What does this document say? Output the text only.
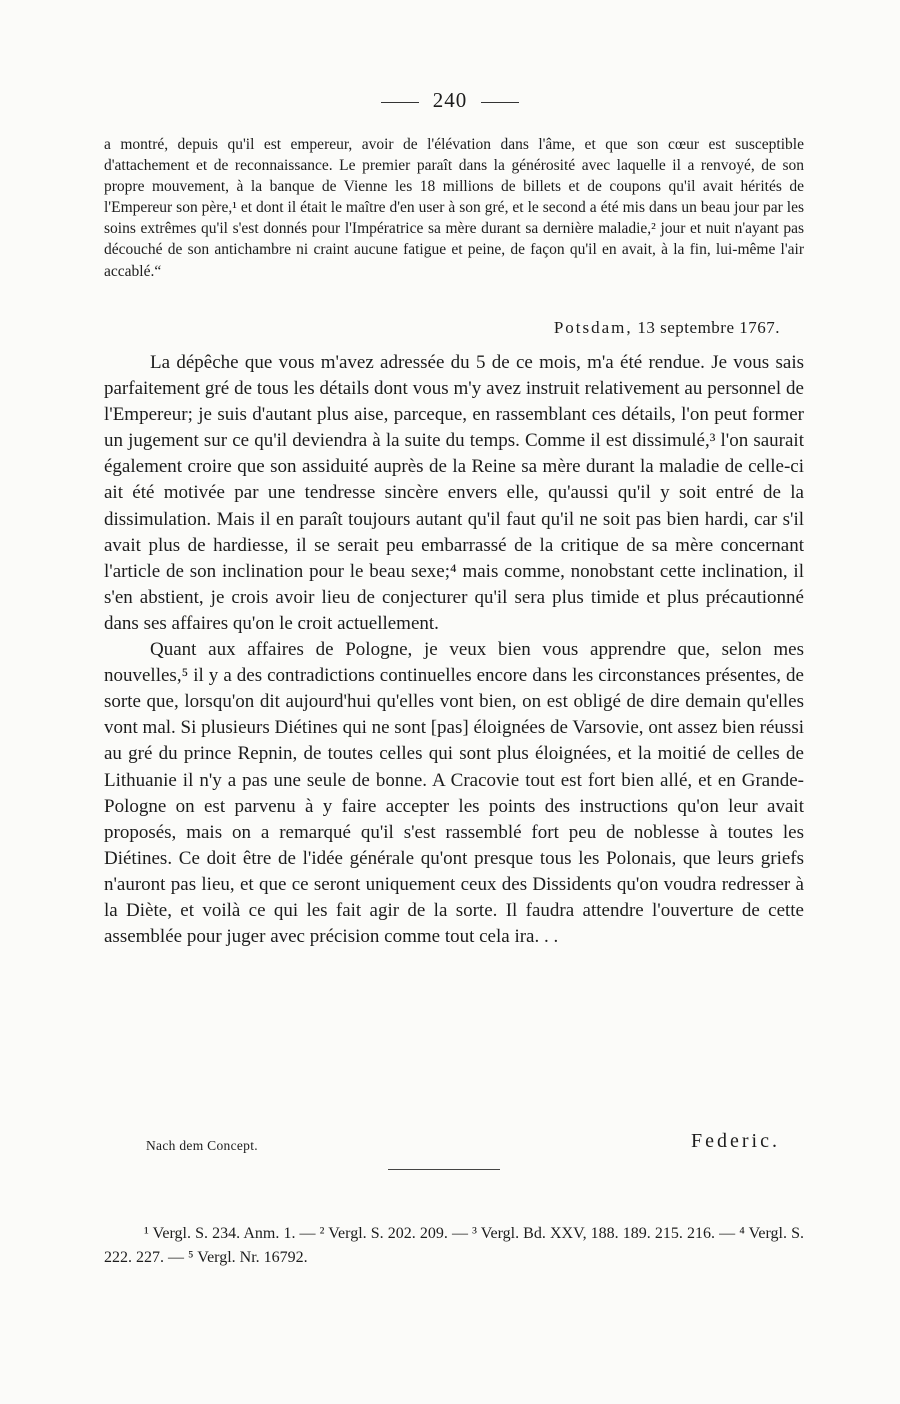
240
a montré, depuis qu'il est empereur, avoir de l'élévation dans l'âme, et que son cœur est susceptible d'attachement et de reconnaissance. Le premier paraît dans la générosité avec laquelle il a renvoyé, de son propre mouvement, à la banque de Vienne les 18 millions de billets et de coupons qu'il avait hérités de l'Empereur son père,¹ et dont il était le maître d'en user à son gré, et le second a été mis dans un beau jour par les soins extrêmes qu'il s'est donnés pour l'Impératrice sa mère durant sa dernière maladie,² jour et nuit n'ayant pas découché de son antichambre ni craint aucune fatigue et peine, de façon qu'il en avait, à la fin, lui-même l'air accablé.“
Potsdam, 13 septembre 1767.

La dépêche que vous m'avez adressée du 5 de ce mois, m'a été rendue. Je vous sais parfaitement gré de tous les détails dont vous m'y avez instruit relativement au personnel de l'Empereur; je suis d'autant plus aise, parceque, en rassemblant ces détails, l'on peut former un jugement sur ce qu'il deviendra à la suite du temps. Comme il est dissimulé,³ l'on saurait également croire que son assiduité auprès de la Reine sa mère durant la maladie de celle-ci ait été motivée par une tendresse sincère envers elle, qu'aussi qu'il y soit entré de la dissimulation. Mais il en paraît toujours autant qu'il faut qu'il ne soit pas bien hardi, car s'il avait plus de hardiesse, il se serait peu embarrassé de la critique de sa mère concernant l'article de son inclination pour le beau sexe;⁴ mais comme, nonobstant cette inclination, il s'en abstient, je crois avoir lieu de conjecturer qu'il sera plus timide et plus précautionné dans ses affaires qu'on le croit actuellement.

Quant aux affaires de Pologne, je veux bien vous apprendre que, selon mes nouvelles,⁵ il y a des contradictions continuelles encore dans les circonstances présentes, de sorte que, lorsqu'on dit aujourd'hui qu'elles vont bien, on est obligé de dire demain qu'elles vont mal. Si plusieurs Diétines qui ne sont [pas] éloignées de Varsovie, ont assez bien réussi au gré du prince Repnin, de toutes celles qui sont plus éloignées, et la moitié de celles de Lithuanie il n'y a pas une seule de bonne. A Cracovie tout est fort bien allé, et en Grande-Pologne on est parvenu à y faire accepter les points des instructions qu'on leur avait proposés, mais on a remarqué qu'il s'est rassemblé fort peu de noblesse à toutes les Diétines. Ce doit être de l'idée générale qu'ont presque tous les Polonais, que leurs griefs n'auront pas lieu, et que ce seront uniquement ceux des Dissidents qu'on voudra redresser à la Diète, et voilà ce qui les fait agir de la sorte. Il faudra attendre l'ouverture de cette assemblée pour juger avec précision comme tout cela ira. . .

Nach dem Concept.	Federic.

¹ Vergl. S. 234. Anm. 1. — ² Vergl. S. 202. 209. — ³ Vergl. Bd. XXV, 188. 189. 215. 216. — ⁴ Vergl. S. 222. 227. — ⁵ Vergl. Nr. 16792.
